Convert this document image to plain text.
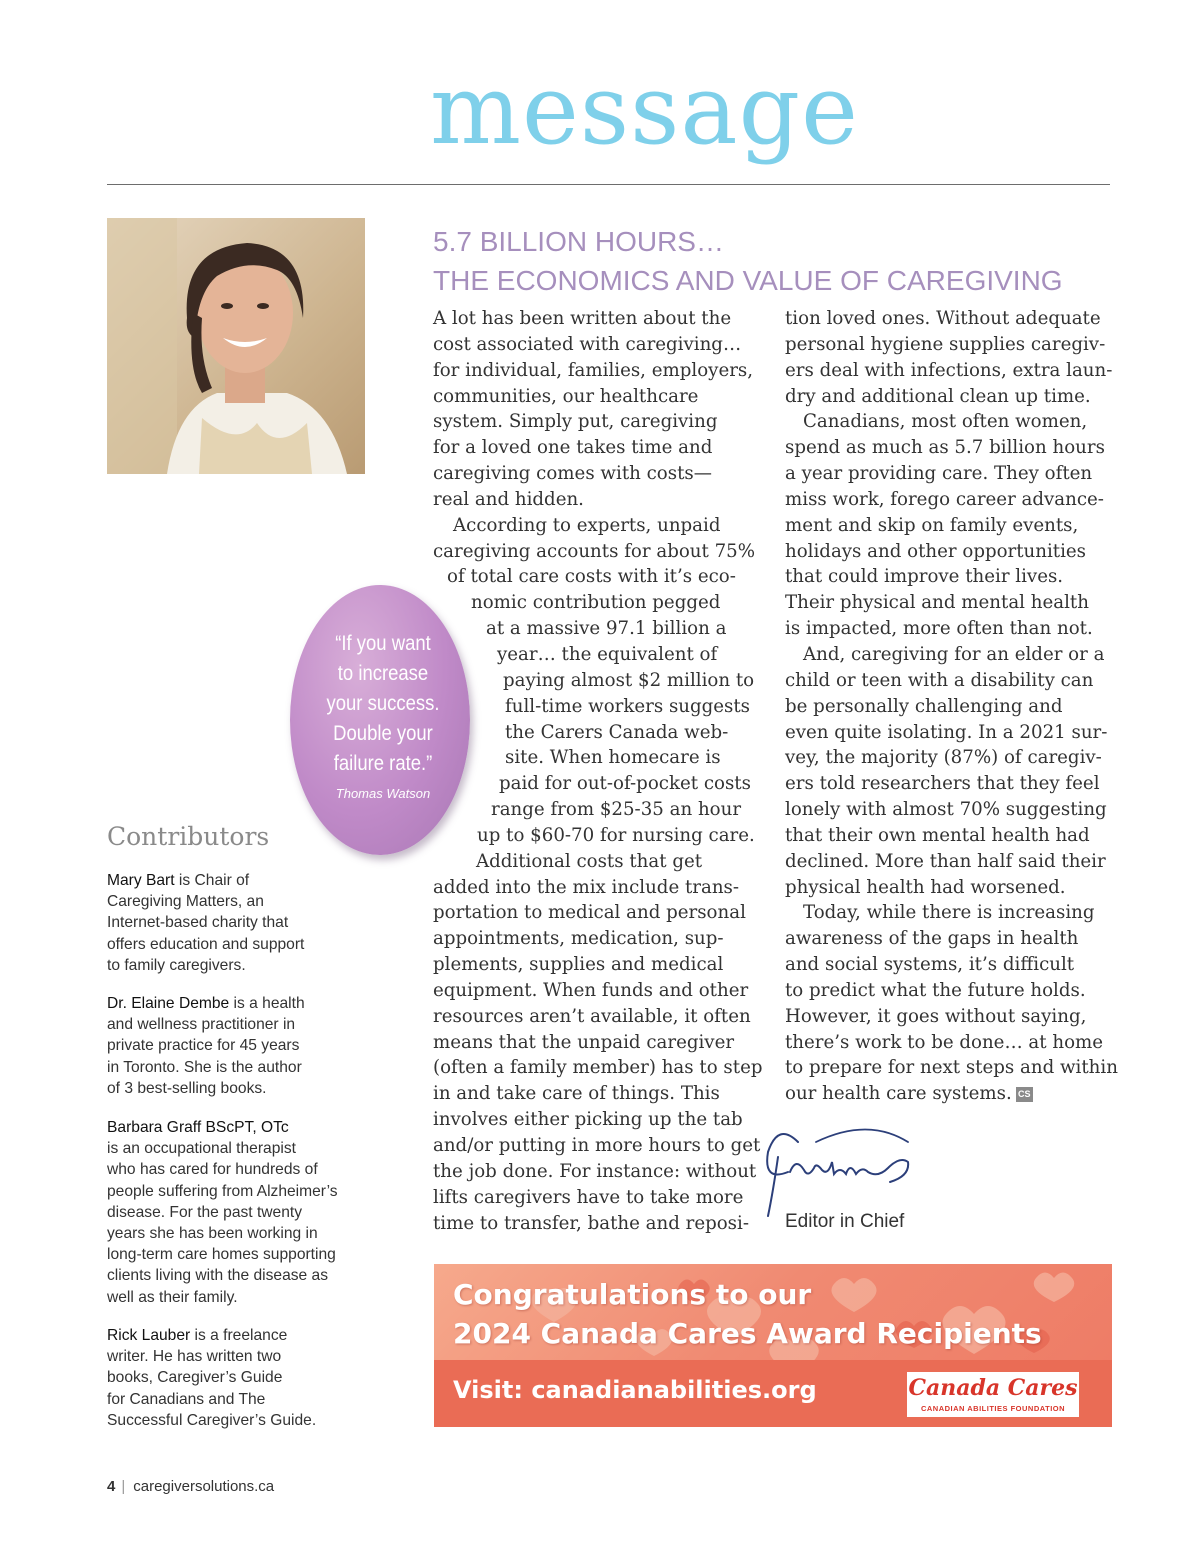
message
5.7 BILLION HOURS…
THE ECONOMICS AND VALUE OF CAREGIVING
A lot has been written about the
cost associated with caregiving…
for individual, families, employers,
communities, our healthcare
system. Simply put, caregiving
for a loved one takes time and
caregiving comes with costs—
real and hidden.
According to experts, unpaid
caregiving accounts for about 75%
of total care costs with it’s eco-
nomic contribution pegged
at a massive 97.1 billion a
year… the equivalent of
paying almost $2 million to
full-time workers suggests
the Carers Canada web-
site. When homecare is
paid for out-of-pocket costs
range from $25-35 an hour
up to $60-70 for nursing care.
Additional costs that get
added into the mix include trans-
portation to medical and personal
appointments, medication, sup-
plements, supplies and medical
equipment. When funds and other
resources aren’t available, it often
means that the unpaid caregiver
(often a family member) has to step
in and take care of things. This
involves either picking up the tab
and/or putting in more hours to get
the job done. For instance: without
lifts caregivers have to take more
time to transfer, bathe and reposi-
tion loved ones. Without adequate
personal hygiene supplies caregiv-
ers deal with infections, extra laun-
dry and additional clean up time.
Canadians, most often women,
spend as much as 5.7 billion hours
a year providing care. They often
miss work, forego career advance-
ment and skip on family events,
holidays and other opportunities
that could improve their lives.
Their physical and mental health
is impacted, more often than not.
And, caregiving for an elder or a
child or teen with a disability can
be personally challenging and
even quite isolating. In a 2021 sur-
vey, the majority (87%) of caregiv-
ers told researchers that they feel
lonely with almost 70% suggesting
that their own mental health had
declined. More than half said their
physical health had worsened.
Today, while there is increasing
awareness of the gaps in health
and social systems, it’s difficult
to predict what the future holds.
However, it goes without saying,
there’s work to be done… at home
to prepare for next steps and within
our health care systems. CS
“If you want
to increase
your success.
Double your
failure rate.”
Thomas Watson
Contributors
Mary Bart is Chair of
Caregiving Matters, an
Internet-based charity that
offers education and support
to family caregivers.
Dr. Elaine Dembe is a health
and wellness practitioner in
private practice for 45 years
in Toronto. She is the author
of 3 best-selling books.
Barbara Graff BScPT, OTc
is an occupational therapist
who has cared for hundreds of
people suffering from Alzheimer’s
disease. For the past twenty
years she has been working in
long-term care homes supporting
clients living with the disease as
well as their family.
Rick Lauber is a freelance
writer. He has written two
books, Caregiver’s Guide
for Canadians and The
Successful Caregiver’s Guide.
Editor in Chief
Congratulations to our
2024 Canada Cares Award Recipients
Visit: canadianabilities.org	Canada Cares
CANADIAN ABILITIES FOUNDATION
4 | caregiversolutions.ca
